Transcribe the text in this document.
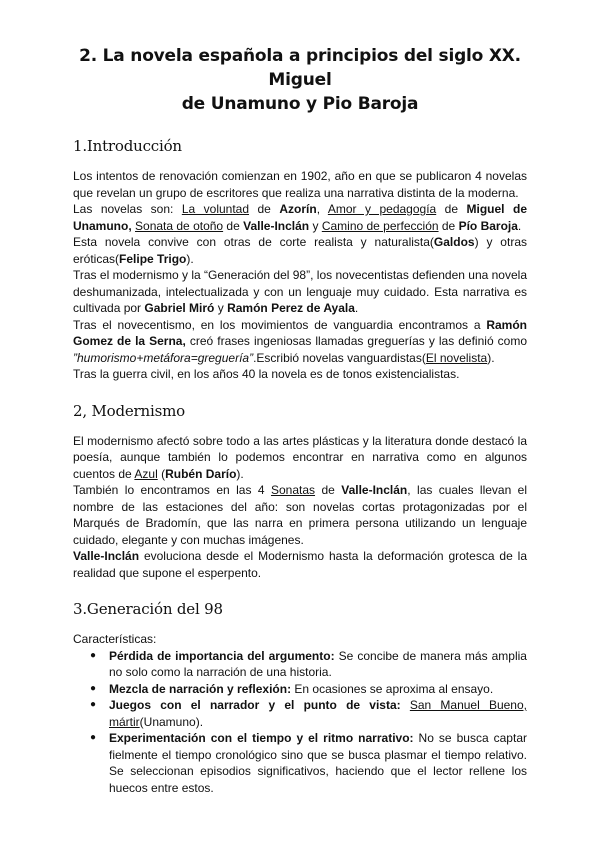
2. La novela española a principios del siglo XX. Miguel
de Unamuno y Pio Baroja
1.Introducción

Los intentos de renovación comienzan en 1902, año en que se publicaron 4 novelas que revelan un grupo de escritores que realiza una narrativa distinta de la moderna.

Las novelas son: La voluntad de Azorín, Amor y pedagogía de Miguel de Unamuno, Sonata de otoño de Valle-Inclán y Camino de perfección de Pío Baroja.

Esta novela convive con otras de corte realista y naturalista(Galdos) y otras eróticas(Felipe Trigo).

Tras el modernismo y la “Generación del 98”, los novecentistas defienden una novela deshumanizada, intelectualizada y con un lenguaje muy cuidado. Esta narrativa es cultivada por Gabriel Miró y Ramón Perez de Ayala.

Tras el novecentismo, en los movimientos de vanguardia encontramos a Ramón Gomez de la Serna, creó frases ingeniosas llamadas greguerías y las definió como ”humorismo+metáfora=greguería”.Escribió novelas vanguardistas(El novelista).

Tras la guerra civil, en los años 40 la novela es de tonos existencialistas.

2, Modernismo

El modernismo afectó sobre todo a las artes plásticas y la literatura donde destacó la poesía, aunque también lo podemos encontrar en narrativa como en algunos cuentos de Azul (Rubén Darío).

También lo encontramos en las 4 Sonatas de Valle-Inclán, las cuales llevan el nombre de las estaciones del año: son novelas cortas protagonizadas por el Marqués de Bradomín, que las narra en primera persona utilizando un lenguaje cuidado, elegante y con muchas imágenes.

Valle-Inclán evoluciona desde el Modernismo hasta la deformación grotesca de la realidad que supone el esperpento.

3.Generación del 98

Características:

● Pérdida de importancia del argumento: Se concibe de manera más amplia no solo como la narración de una historia.
● Mezcla de narración y reflexión: En ocasiones se aproxima al ensayo.
● Juegos con el narrador y el punto de vista: San Manuel Bueno, mártir(Unamuno).
● Experimentación con el tiempo y el ritmo narrativo: No se busca captar fielmente el tiempo cronológico sino que se busca plasmar el tiempo relativo. Se seleccionan episodios significativos, haciendo que el lector rellene los huecos entre estos.
